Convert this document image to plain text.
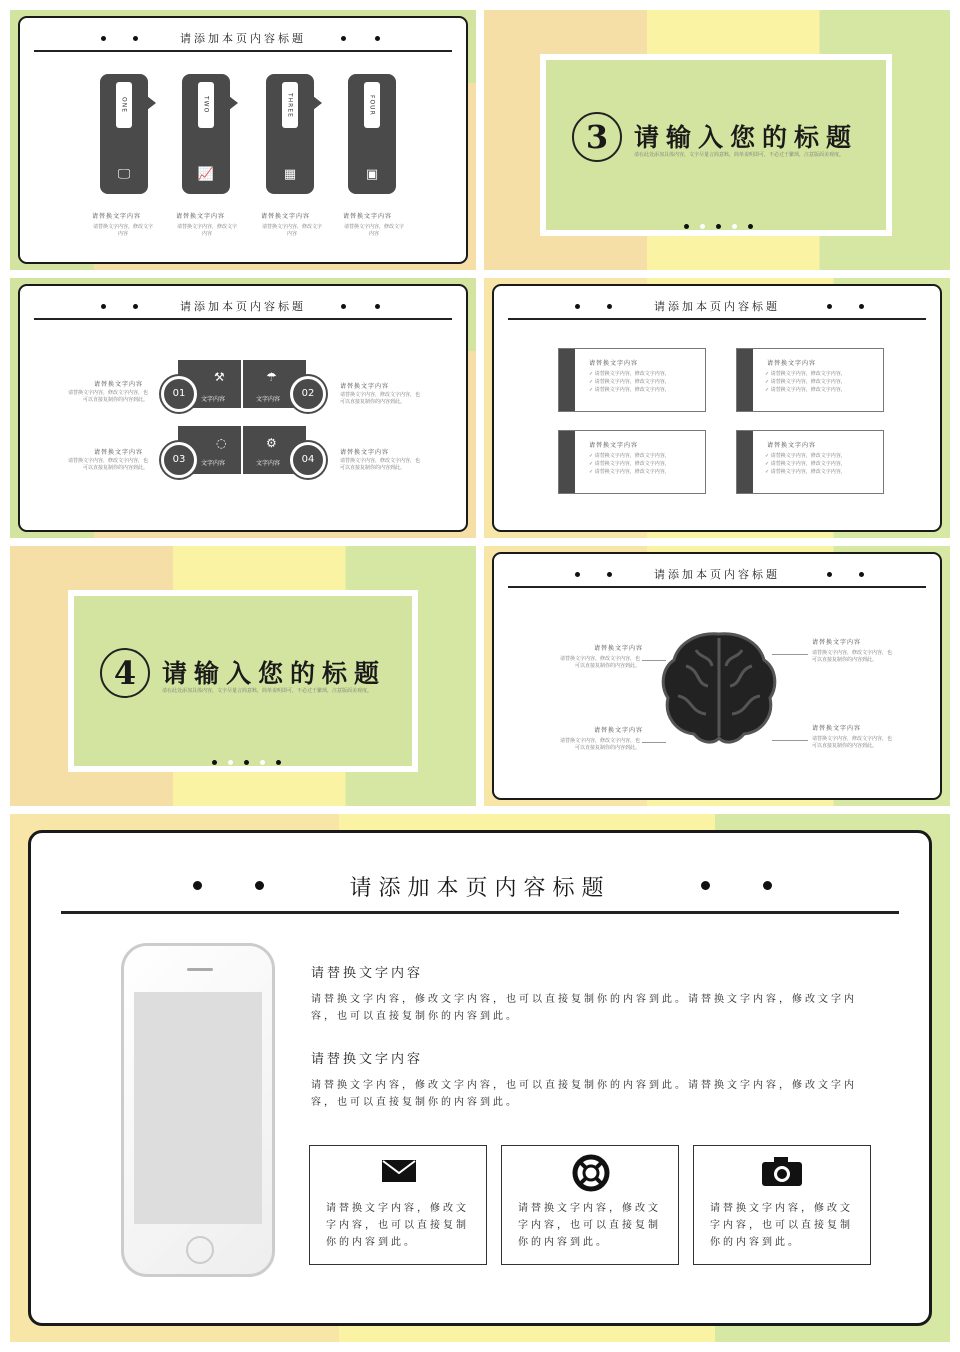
请添加本页内容标题
ONE
🖵
TWO
📈
THREE
▦
FOUR
▣
请替换文字内容	请替换文字内容	请替换文字内容	请替换文字内容
请替换文字内容，修改文字内容
请替换文字内容，修改文字内容
请替换文字内容，修改文字内容
请替换文字内容，修改文字内容
3	请输入您的标题
请在此处添加具体内容，文字尽量言简意赅，简单说明即可，不必过于繁琐，注意版面美观度。
请添加本页内容标题
01	02
03	04
⚒	☂
◌	⚙
文字内容	文字内容
文字内容	文字内容
请替换文字内容
请替换文字内容，修改文字内容，也可以直接复制你的内容到此。
请替换文字内容
请替换文字内容，修改文字内容，也可以直接复制你的内容到此。
请替换文字内容
请替换文字内容，修改文字内容，也可以直接复制你的内容到此。
请替换文字内容
请替换文字内容，修改文字内容，也可以直接复制你的内容到此。
请添加本页内容标题
请替换文字内容
✓ 请替换文字内容，修改文字内容，
✓ 请替换文字内容，修改文字内容，
✓ 请替换文字内容，修改文字内容，
请替换文字内容
✓ 请替换文字内容，修改文字内容，
✓ 请替换文字内容，修改文字内容，
✓ 请替换文字内容，修改文字内容，
请替换文字内容
✓ 请替换文字内容，修改文字内容，
✓ 请替换文字内容，修改文字内容，
✓ 请替换文字内容，修改文字内容，
请替换文字内容
✓ 请替换文字内容，修改文字内容，
✓ 请替换文字内容，修改文字内容，
✓ 请替换文字内容，修改文字内容，
4	请输入您的标题
请在此处添加具体内容，文字尽量言简意赅，简单说明即可，不必过于繁琐，注意版面美观度。
请添加本页内容标题
请替换文字内容
请替换文字内容，修改文字内容，也可以直接复制你的内容到此。
请替换文字内容
请替换文字内容，修改文字内容，也可以直接复制你的内容到此。
请替换文字内容
请替换文字内容，修改文字内容，也可以直接复制你的内容到此。
请替换文字内容
请替换文字内容，修改文字内容，也可以直接复制你的内容到此。
请添加本页内容标题
请替换文字内容
请替换文字内容，修改文字内容，也可以直接复制你的内容到此。请替换文字内容，修改文字内容，也可以直接复制你的内容到此。
请替换文字内容
请替换文字内容，修改文字内容，也可以直接复制你的内容到此。请替换文字内容，修改文字内容，也可以直接复制你的内容到此。
请替换文字内容，修改文字内容，也可以直接复制你的内容到此。
请替换文字内容，修改文字内容，也可以直接复制你的内容到此。
请替换文字内容，修改文字内容，也可以直接复制你的内容到此。
